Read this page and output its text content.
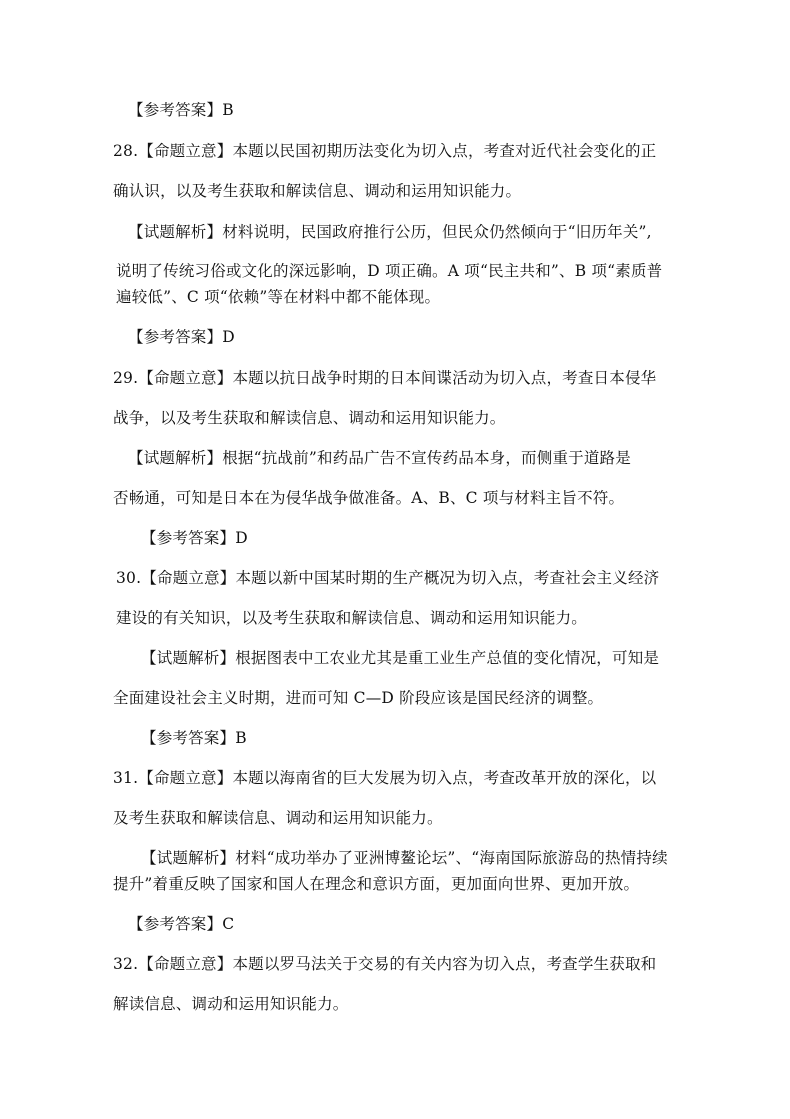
【参考答案】B
28.【命题立意】本题以民国初期历法变化为切入点，考查对近代社会变化的正
确认识，以及考生获取和解读信息、调动和运用知识能力。
【试题解析】材料说明，民国政府推行公历，但民众仍然倾向于“旧历年关”,
说明了传统习俗或文化的深远影响，D 项正确。A 项“民主共和”、B 项“素质普
遍较低”、C 项“依赖”等在材料中都不能体现。
【参考答案】D
29.【命题立意】本题以抗日战争时期的日本间谍活动为切入点，考查日本侵华
战争，以及考生获取和解读信息、调动和运用知识能力。
【试题解析】根据“抗战前”和药品广告不宣传药品本身，而侧重于道路是
否畅通，可知是日本在为侵华战争做准备。A、B、C 项与材料主旨不符。
【参考答案】D
30.【命题立意】本题以新中国某时期的生产概况为切入点，考查社会主义经济
建设的有关知识，以及考生获取和解读信息、调动和运用知识能力。
【试题解析】根据图表中工农业尤其是重工业生产总值的变化情况，可知是
全面建设社会主义时期，进而可知 C—D 阶段应该是国民经济的调整。
【参考答案】B
31.【命题立意】本题以海南省的巨大发展为切入点，考查改革开放的深化，以
及考生获取和解读信息、调动和运用知识能力。
【试题解析】材料“成功举办了亚洲博鳌论坛”、“海南国际旅游岛的热情持续
提升”着重反映了国家和国人在理念和意识方面，更加面向世界、更加开放。
【参考答案】C
32.【命题立意】本题以罗马法关于交易的有关内容为切入点，考查学生获取和
解读信息、调动和运用知识能力。
